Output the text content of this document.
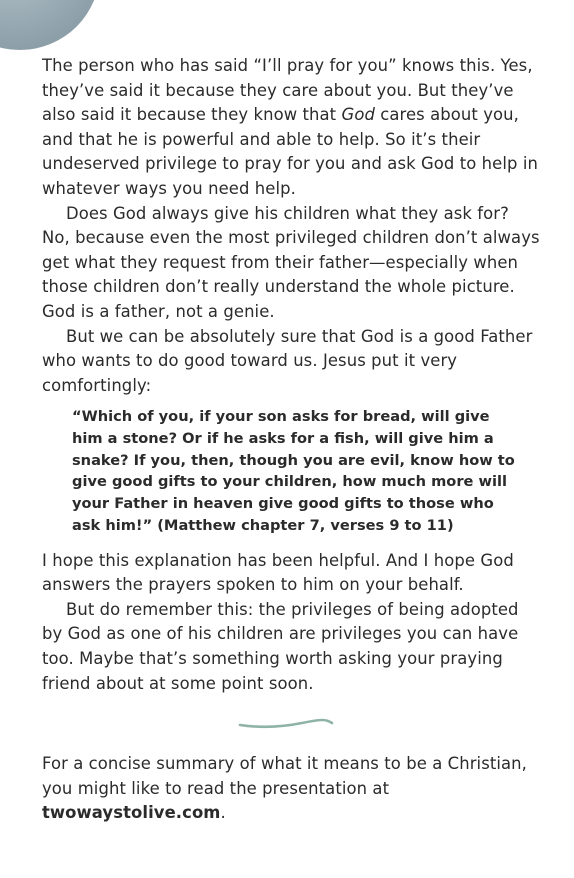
The person who has said “I’ll pray for you” knows this. Yes, they’ve said it because they care about you. But they’ve also said it because they know that God cares about you, and that he is powerful and able to help. So it’s their undeserved privilege to pray for you and ask God to help in whatever ways you need help.

Does God always give his children what they ask for? No, because even the most privileged children don’t always get what they request from their father—especially when those children don’t really understand the whole picture. God is a father, not a genie.

But we can be absolutely sure that God is a good Father who wants to do good toward us. Jesus put it very comfortingly:

“Which of you, if your son asks for bread, will give him a stone? Or if he asks for a fish, will give him a snake? If you, then, though you are evil, know how to give good gifts to your children, how much more will your Father in heaven give good gifts to those who ask him!” (Matthew chapter 7, verses 9 to 11)

I hope this explanation has been helpful. And I hope God answers the prayers spoken to him on your behalf.

But do remember this: the privileges of being adopted by God as one of his children are privileges you can have too. Maybe that’s something worth asking your praying friend about at some point soon.

For a concise summary of what it means to be a Christian, you might like to read the presentation at twowaystolive.com.
